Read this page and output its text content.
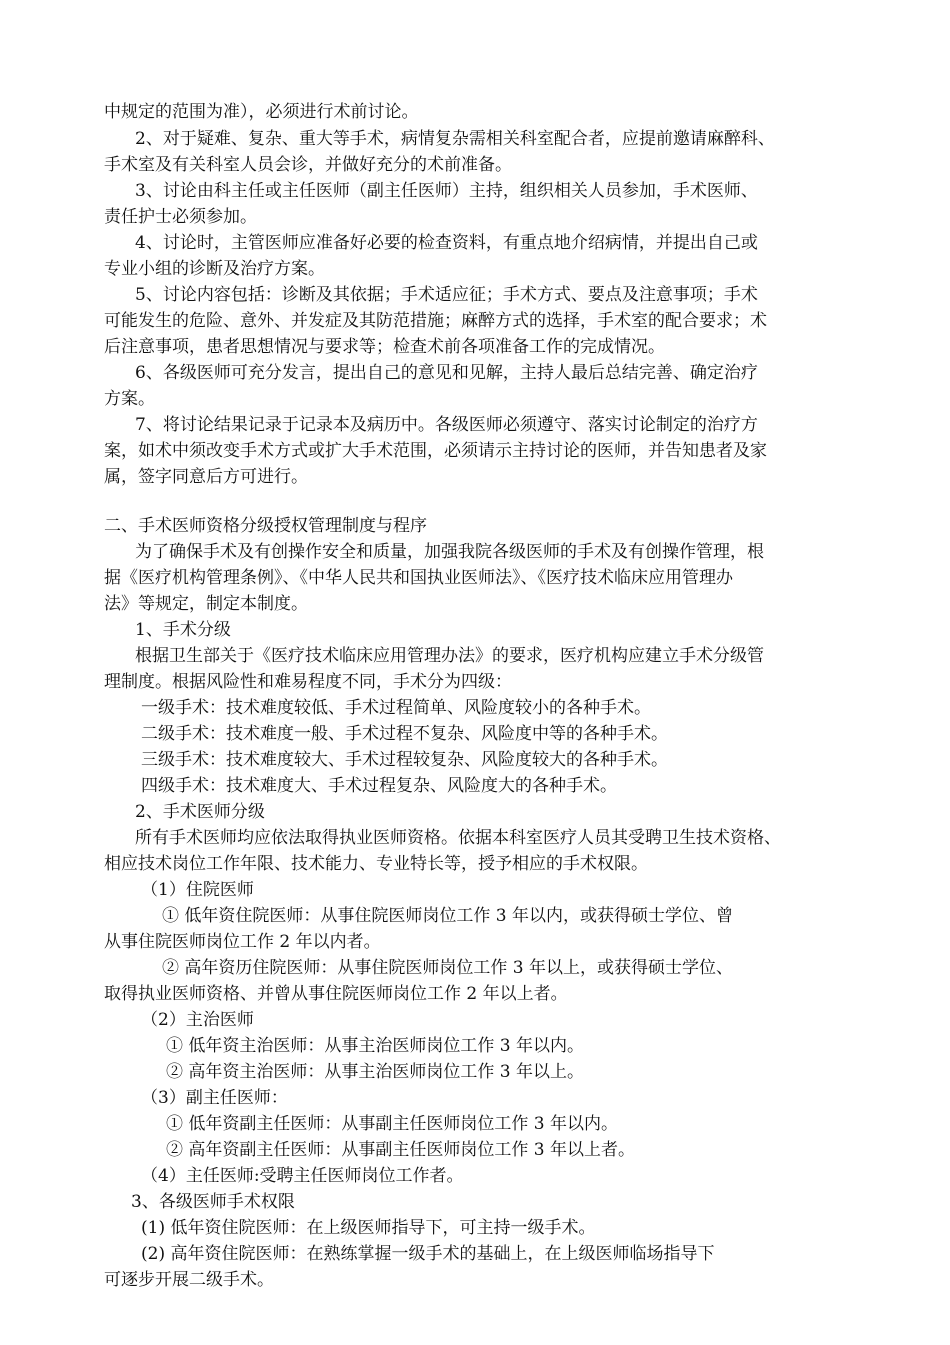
中规定的范围为准），必须进行术前讨论。
2、对于疑难、复杂、重大等手术，病情复杂需相关科室配合者，应提前邀请麻醉科、
手术室及有关科室人员会诊，并做好充分的术前准备。
3、讨论由科主任或主任医师（副主任医师）主持，组织相关人员参加，手术医师、
责任护士必须参加。
4、讨论时，主管医师应准备好必要的检查资料，有重点地介绍病情，并提出自己或
专业小组的诊断及治疗方案。
5、讨论内容包括：诊断及其依据；手术适应征；手术方式、要点及注意事项；手术
可能发生的危险、意外、并发症及其防范措施；麻醉方式的选择，手术室的配合要求；术
后注意事项，患者思想情况与要求等；检查术前各项准备工作的完成情况。
6、各级医师可充分发言，提出自己的意见和见解，主持人最后总结完善、确定治疗
方案。
7、将讨论结果记录于记录本及病历中。各级医师必须遵守、落实讨论制定的治疗方
案，如术中须改变手术方式或扩大手术范围，必须请示主持讨论的医师，并告知患者及家
属，签字同意后方可进行。
二、手术医师资格分级授权管理制度与程序
为了确保手术及有创操作安全和质量，加强我院各级医师的手术及有创操作管理，根
据《医疗机构管理条例》、《中华人民共和国执业医师法》、《医疗技术临床应用管理办
法》等规定，制定本制度。
1、手术分级
根据卫生部关于《医疗技术临床应用管理办法》的要求，医疗机构应建立手术分级管
理制度。根据风险性和难易程度不同，手术分为四级：
一级手术：技术难度较低、手术过程简单、风险度较小的各种手术。
二级手术：技术难度一般、手术过程不复杂、风险度中等的各种手术。
三级手术：技术难度较大、手术过程较复杂、风险度较大的各种手术。
四级手术：技术难度大、手术过程复杂、风险度大的各种手术。
2、手术医师分级
所有手术医师均应依法取得执业医师资格。依据本科室医疗人员其受聘卫生技术资格、
相应技术岗位工作年限、技术能力、专业特长等，授予相应的手术权限。
（1）住院医师
① 低年资住院医师：从事住院医师岗位工作 3 年以内，或获得硕士学位、曾
从事住院医师岗位工作 2 年以内者。
② 高年资历住院医师：从事住院医师岗位工作 3 年以上，或获得硕士学位、
取得执业医师资格、并曾从事住院医师岗位工作 2 年以上者。
（2）主治医师
① 低年资主治医师：从事主治医师岗位工作 3 年以内。
② 高年资主治医师：从事主治医师岗位工作 3 年以上。
（3）副主任医师：
① 低年资副主任医师：从事副主任医师岗位工作 3 年以内。
② 高年资副主任医师：从事副主任医师岗位工作 3 年以上者。
（4）主任医师:受聘主任医师岗位工作者。
3、各级医师手术权限
(1) 低年资住院医师：在上级医师指导下，可主持一级手术。
(2) 高年资住院医师：在熟练掌握一级手术的基础上，在上级医师临场指导下
可逐步开展二级手术。
